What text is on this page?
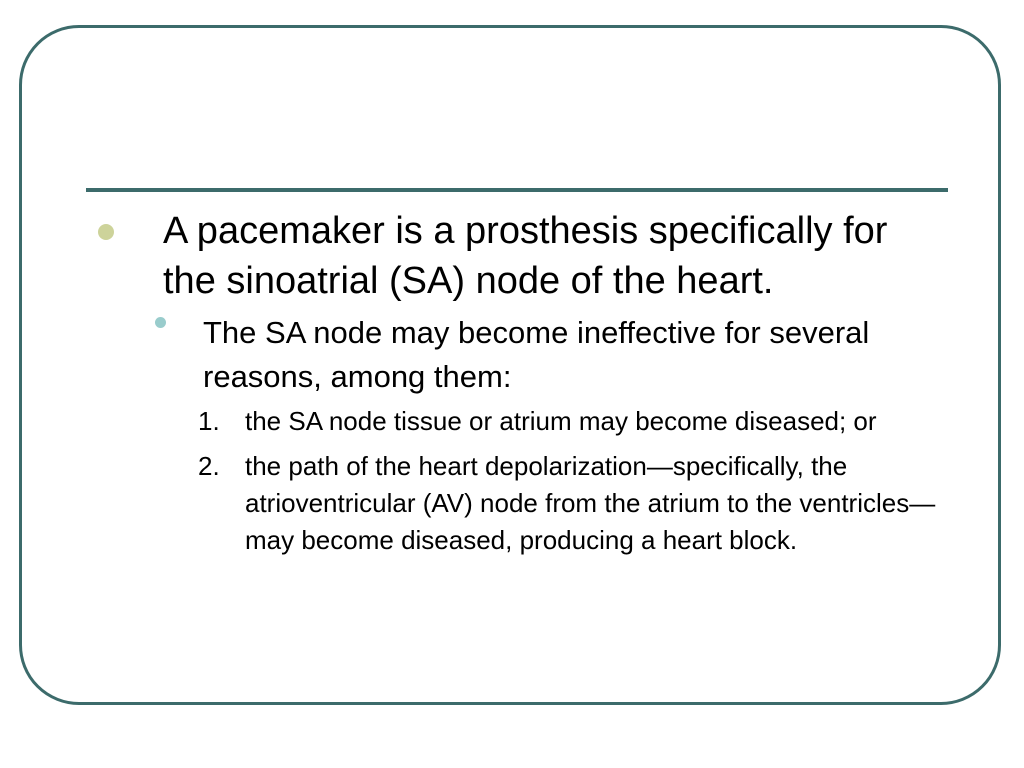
A pacemaker is a prosthesis specifically for the sinoatrial (SA) node of the heart.
The SA node may become ineffective for several reasons, among them:
1. the SA node tissue or atrium may become diseased; or
2. the path of the heart depolarization—specifically, the atrioventricular (AV) node from the atrium to the ventricles—may become diseased, producing a heart block.
